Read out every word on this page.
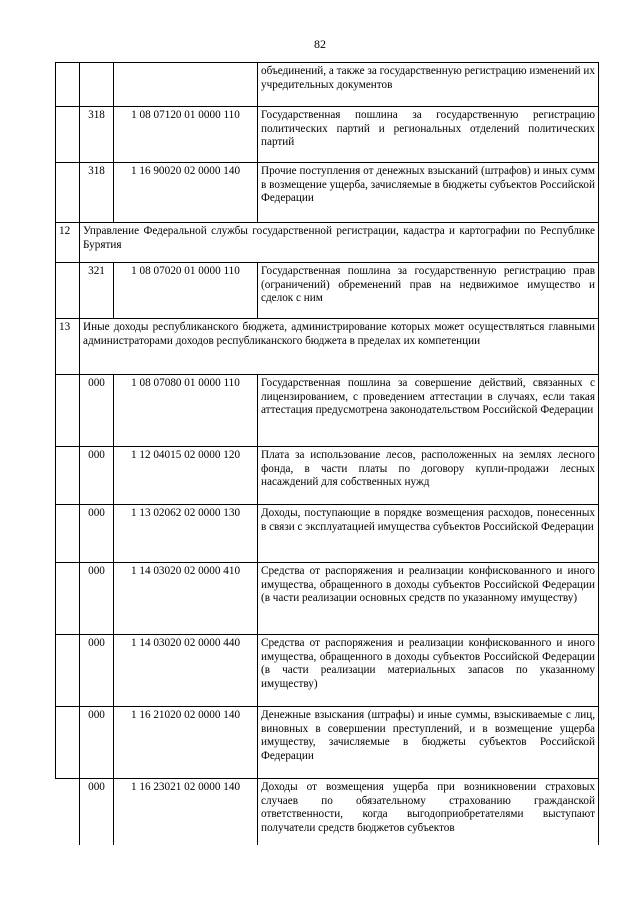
82
			объединений, а также за государственную регистрацию изменений их учредительных документов
	318	1 08 07120 01 0000 110	Государственная пошлина за государственную регистрацию политических партий и региональных отделений политических партий
	318	1 16 90020 02 0000 140	Прочие поступления от денежных взысканий (штрафов) и иных сумм в возмещение ущерба, зачисляемые в бюджеты субъектов Российской Федерации
12	Управление Федеральной службы государственной регистрации, кадастра и картографии по Республике Бурятия		
	321	1 08 07020 01 0000 110	Государственная пошлина за государственную регистрацию прав (ограничений) обременений прав на недвижимое имущество и сделок с ним
13	Иные доходы республиканского бюджета, администрирование которых может осуществляться главными администраторами доходов республиканского бюджета в пределах их компетенции		
	000	1 08 07080 01 0000 110	Государственная пошлина за совершение действий, связанных с лицензированием, с проведением аттестации в случаях, если такая аттестация предусмотрена законодательством Российской Федерации
	000	1 12 04015 02 0000 120	Плата за использование лесов, расположенных на землях лесного фонда, в части платы по договору купли-продажи лесных насаждений для собственных нужд
	000	1 13 02062 02 0000 130	Доходы, поступающие в порядке возмещения расходов, понесенных в связи с эксплуатацией имущества субъектов Российской Федерации
	000	1 14 03020 02 0000 410	Средства от распоряжения и реализации конфискованного и иного имущества, обращенного в доходы субъектов Российской Федерации (в части реализации основных средств по указанному имуществу)
	000	1 14 03020 02 0000 440	Средства от распоряжения и реализации конфискованного и иного имущества, обращенного в доходы субъектов Российской Федерации (в части реализации материальных запасов по указанному имуществу)
	000	1 16 21020 02 0000 140	Денежные взыскания (штрафы) и иные суммы, взыскиваемые с лиц, виновных в совершении преступлений, и в возмещение ущерба имуществу, зачисляемые в бюджеты субъектов Российской Федерации
	000	1 16 23021 02 0000 140	Доходы от возмещения ущерба при возникновении страховых случаев по обязательному страхованию гражданской ответственности, когда выгодоприобретателями выступают получатели средств бюджетов субъектов
